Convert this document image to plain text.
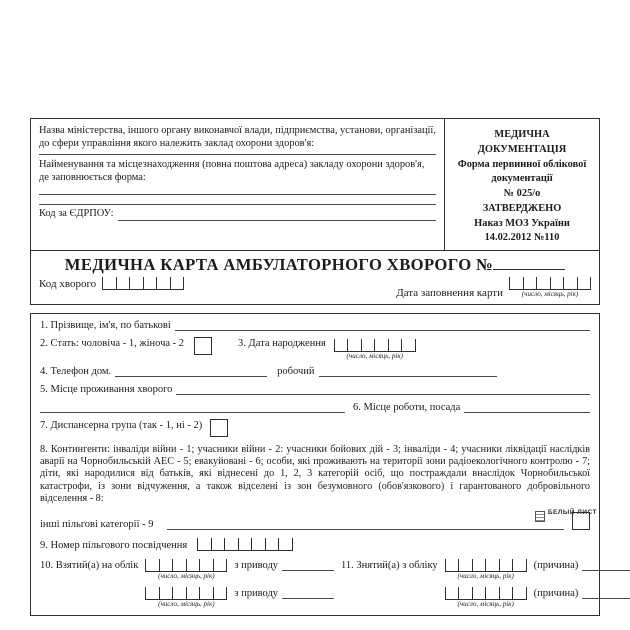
Назва міністерства, іншого органу виконавчої влади, підприємства, установи, організації, до сфери управління якого належить заклад охорони здоров'я:
Найменування та місцезнаходження (повна поштова адреса) закладу охорони здоров'я, де заповнюється форма:
Код за ЄДРПОУ:
МЕДИЧНА ДОКУМЕНТАЦІЯ
Форма первинної облікової документації
№ 025/о
ЗАТВЕРДЖЕНО
Наказ МОЗ України
14.02.2012 №110
МЕДИЧНА КАРТА АМБУЛАТОРНОГО ХВОРОГО №
Код хворого
Дата заповнення карти	(число, місяць, рік)
1. Прізвище, ім'я, по батькові
2. Стать: чоловіча - 1, жіноча - 2	3. Дата народження
(число, місяць, рік)
4. Телефон дом.	робочий
5. Місце проживання хворого
6. Місце роботи, посада
7. Диспансерна група (так - 1, ні - 2)
8. Контингенти: інваліди війни - 1; учасники війни - 2: учасники бойових дій - 3; інваліди - 4; учасники ліквідації наслідків аварії на Чорнобильській АЕС - 5; евакуйовані - 6; особи, які проживають на території зони радіоекологічного контролю - 7; діти, які народилися від батьків, які віднесені до 1, 2, 3 категорій осіб, що постраждали внаслідок Чорнобильської катастрофи, із зони відчуження, а також відселені із зон безумовного (обов'язкового) і гарантованого добровільного відселення - 8:
інші пільгові категорії - 9
9. Номер пільгового посвідчення
10. Взятий(а) на облік
(число, місяць, рік)
з приводу	11. Знятий(а) з обліку
(число, місяць, рік)
(причина)
(число, місяць, рік)
з приводу
(число, місяць, рік)
(причина)
БЕЛЫЙ ЛИСТ
··········
